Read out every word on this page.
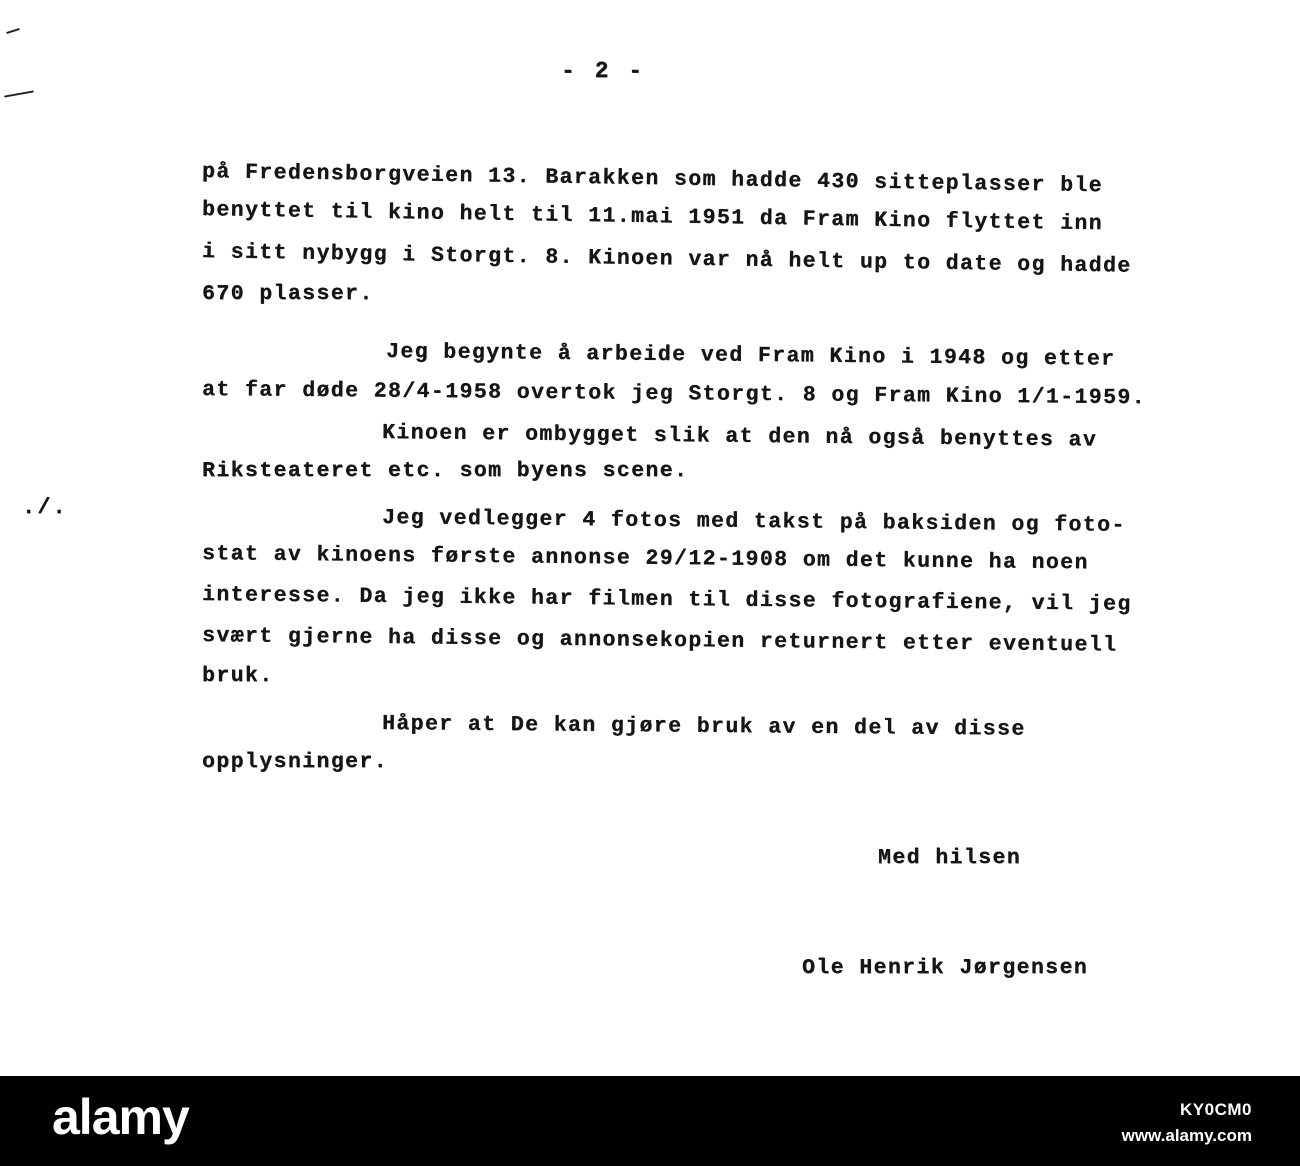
- 2 -
./.
på Fredensborgveien 13. Barakken som hadde 430 sitteplasser ble
benyttet til kino helt til 11.mai 1951 da Fram Kino flyttet inn
i sitt nybygg i Storgt. 8. Kinoen var nå helt up to date og hadde
670 plasser.
Jeg begynte å arbeide ved Fram Kino i 1948 og etter
at far døde 28/4-1958 overtok jeg Storgt. 8 og Fram Kino 1/1-1959.
Kinoen er ombygget slik at den nå også benyttes av
Riksteateret etc. som byens scene.
Jeg vedlegger 4 fotos med takst på baksiden og foto-
stat av kinoens første annonse 29/12-1908 om det kunne ha noen
interesse. Da jeg ikke har filmen til disse fotografiene, vil jeg
svært gjerne ha disse og annonsekopien returnert etter eventuell
bruk.
Håper at De kan gjøre bruk av en del av disse
opplysninger.
Med hilsen
Ole Henrik Jørgensen
alamy	KY0CM0
www.alamy.com
